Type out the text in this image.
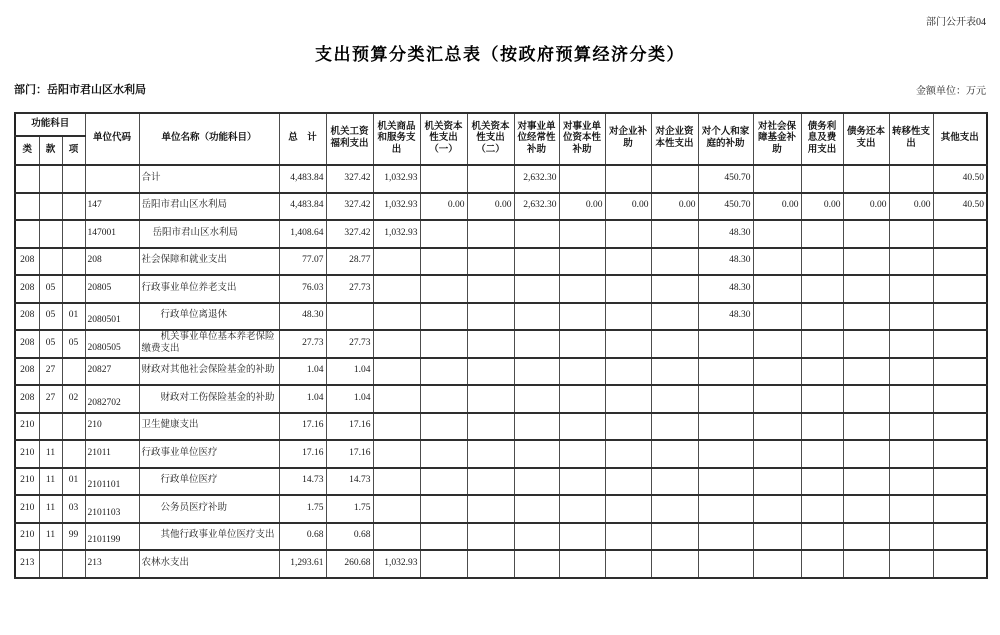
部门公开表04
支出预算分类汇总表（按政府预算经济分类）
部门：岳阳市君山区水利局	金额单位：万元
功能科目			单位代码	单位名称（功能科目）	总　计	机关工资福利支出	机关商品和服务支出	机关资本性支出（一）	机关资本性支出（二）	对事业单位经常性补助	对事业单位资本性补助	对企业补助	对企业资本性支出	对个人和家庭的补助	对社会保障基金补助	债务利息及费用支出	债务还本支出	转移性支出	其他支出
类	款	项																	
				合计	4,483.84	327.42	1,032.93			2,632.30				450.70					40.50
			147	岳阳市君山区水利局	4,483.84	327.42	1,032.93	0.00	0.00	2,632.30	0.00	0.00	0.00	450.70	0.00	0.00	0.00	0.00	40.50
			147001	岳阳市君山区水利局	1,408.64	327.42	1,032.93							48.30					
208			208	社会保障和就业支出	77.07	28.77								48.30					
208	05		20805	行政事业单位养老支出	76.03	27.73								48.30					
208	05	01	2080501	行政单位离退休	48.30									48.30					
208	05	05	2080505	机关事业单位基本养老保险缴费支出	27.73	27.73													
208	27		20827	财政对其他社会保险基金的补助	1.04	1.04													
208	27	02	2082702	财政对工伤保险基金的补助	1.04	1.04													
210			210	卫生健康支出	17.16	17.16													
210	11		21011	行政事业单位医疗	17.16	17.16													
210	11	01	2101101	行政单位医疗	14.73	14.73													
210	11	03	2101103	公务员医疗补助	1.75	1.75													
210	11	99	2101199	其他行政事业单位医疗支出	0.68	0.68													
213			213	农林水支出	1,293.61	260.68	1,032.93												
